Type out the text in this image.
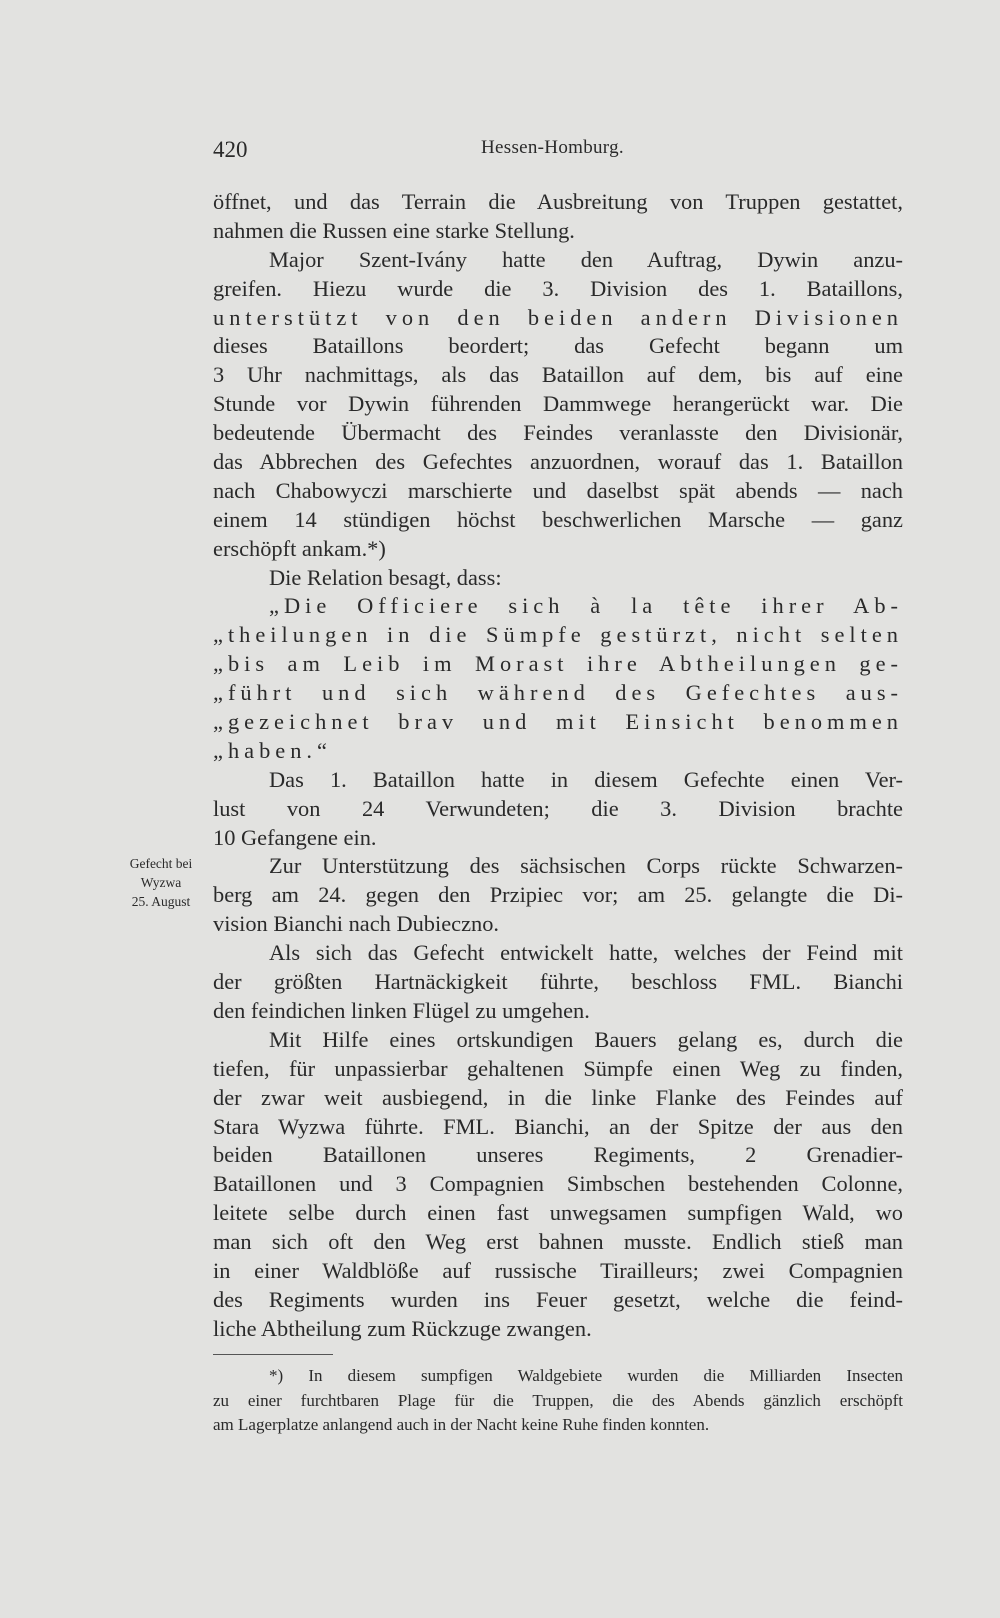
420	Hessen-Homburg.
Gefecht bei
Wyzwa
25. August
öffnet, und das Terrain die Ausbreitung von Truppen gestattet,
nahmen die Russen eine starke Stellung.
Major Szent-Ivány hatte den Auftrag, Dywin anzu-
greifen. Hiezu wurde die 3. Division des 1. Bataillons,
unterstützt von den beiden andern Divisionen
dieses Bataillons beordert; das Gefecht begann um
3 Uhr nachmittags, als das Bataillon auf dem, bis auf eine
Stunde vor Dywin führenden Dammwege herangerückt war. Die
bedeutende Übermacht des Feindes veranlasste den Divisionär,
das Abbrechen des Gefechtes anzuordnen, worauf das 1. Bataillon
nach Chabowyczi marschierte und daselbst spät abends — nach
einem 14 stündigen höchst beschwerlichen Marsche — ganz
erschöpft ankam.*)
Die Relation besagt, dass:
„Die Officiere sich à la tête ihrer Ab-
„theilungen in die Sümpfe gestürzt, nicht selten
„bis am Leib im Morast ihre Abtheilungen ge-
„führt und sich während des Gefechtes aus-
„gezeichnet brav und mit Einsicht benommen
„haben.“
Das 1. Bataillon hatte in diesem Gefechte einen Ver-
lust von 24 Verwundeten; die 3. Division brachte
10 Gefangene ein.
Zur Unterstützung des sächsischen Corps rückte Schwarzen-
berg am 24. gegen den Przipiec vor; am 25. gelangte die Di-
vision Bianchi nach Dubieczno.
Als sich das Gefecht entwickelt hatte, welches der Feind mit
der größten Hartnäckigkeit führte, beschloss FML. Bianchi
den feindichen linken Flügel zu umgehen.
Mit Hilfe eines ortskundigen Bauers gelang es, durch die
tiefen, für unpassierbar gehaltenen Sümpfe einen Weg zu finden,
der zwar weit ausbiegend, in die linke Flanke des Feindes auf
Stara Wyzwa führte. FML. Bianchi, an der Spitze der aus den
beiden Bataillonen unseres Regiments, 2 Grenadier-
Bataillonen und 3 Compagnien Simbschen bestehenden Colonne,
leitete selbe durch einen fast unwegsamen sumpfigen Wald, wo
man sich oft den Weg erst bahnen musste. Endlich stieß man
in einer Waldblöße auf russische Tirailleurs; zwei Compagnien
des Regiments wurden ins Feuer gesetzt, welche die feind-
liche Abtheilung zum Rückzuge zwangen.
*) In diesem sumpfigen Waldgebiete wurden die Milliarden Insecten
zu einer furchtbaren Plage für die Truppen, die des Abends gänzlich erschöpft
am Lagerplatze anlangend auch in der Nacht keine Ruhe finden konnten.
